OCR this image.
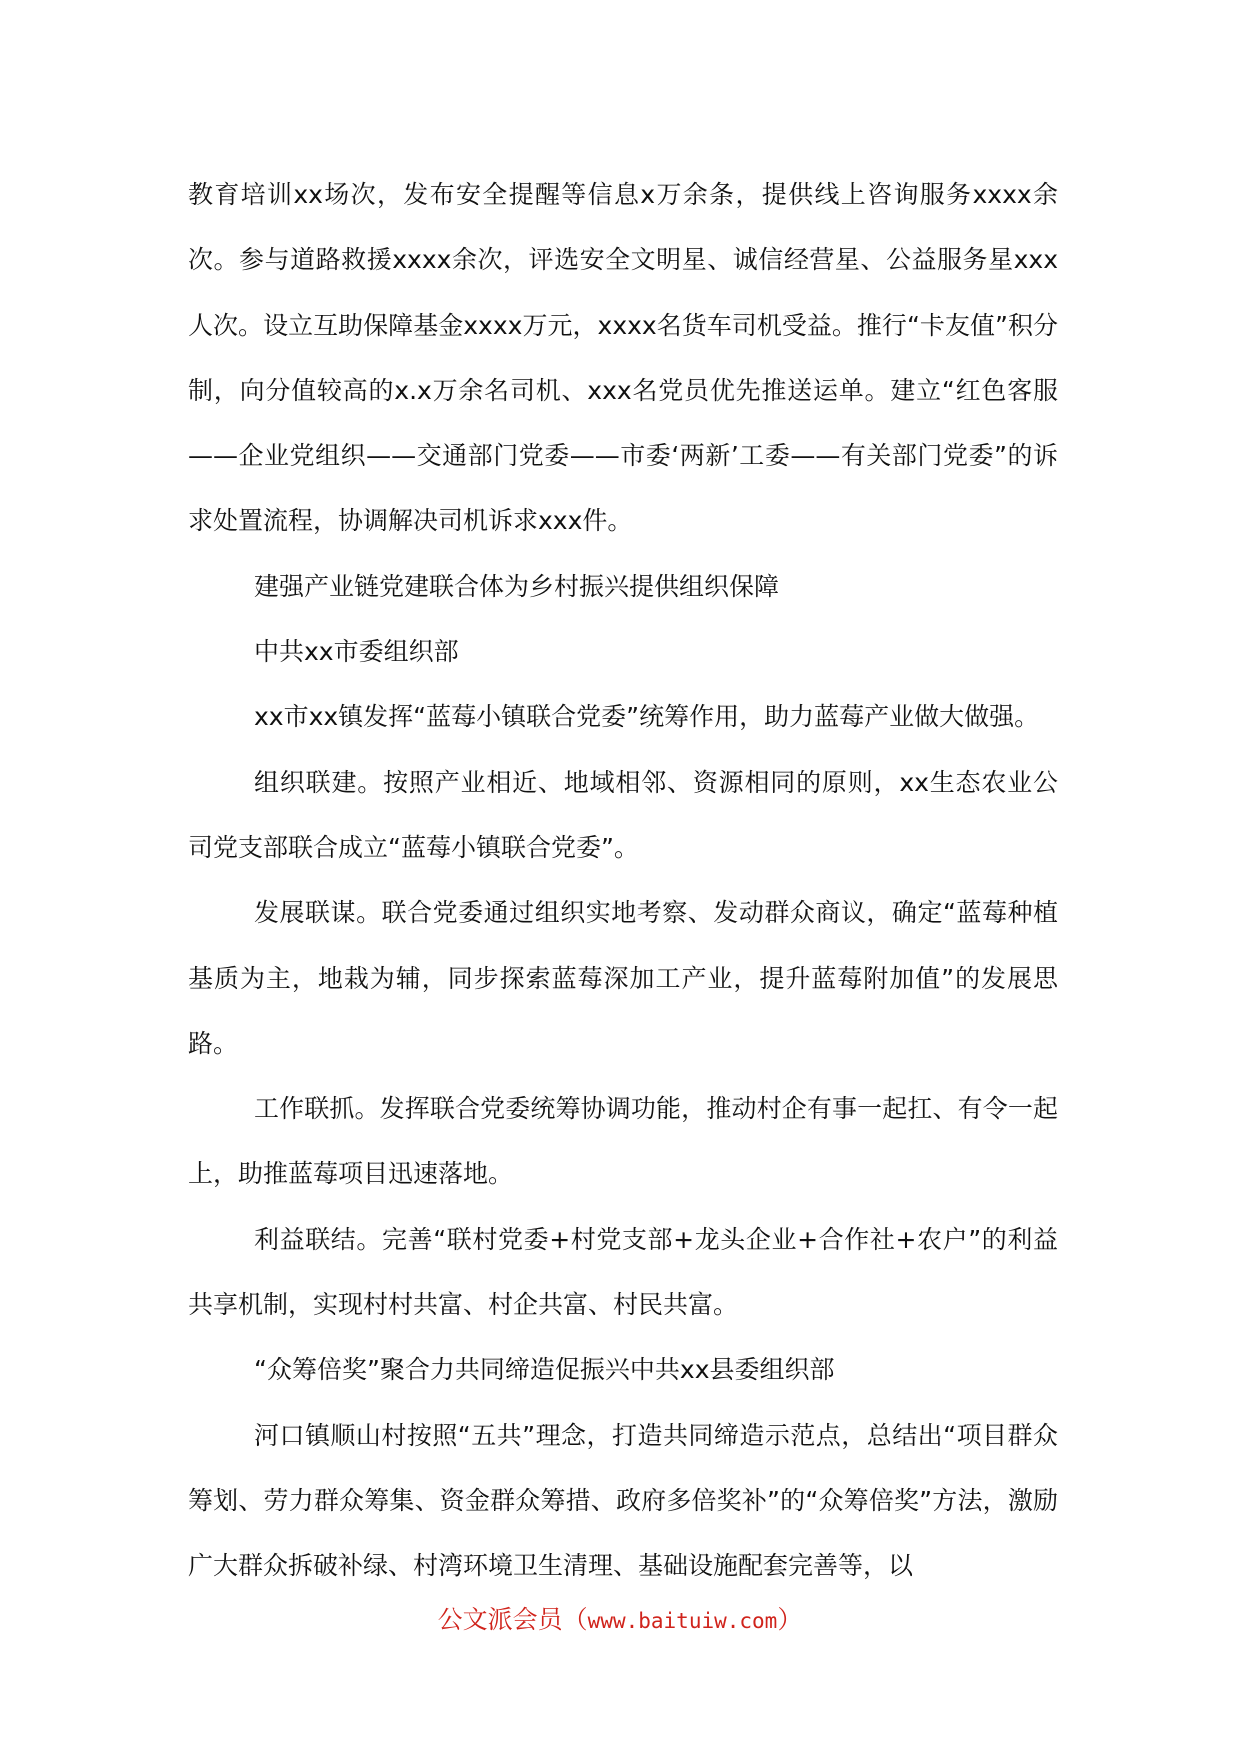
教育培训xx场次，发布安全提醒等信息x万余条，提供线上咨询服务xxxx余次。参与道路救援xxxx余次，评选安全文明星、诚信经营星、公益服务星xxx人次。设立互助保障基金xxxx万元，xxxx名货车司机受益。推行“卡友值”积分制，向分值较高的x.x万余名司机、xxx名党员优先推送运单。建立“红色客服——企业党组织——交通部门党委——市委‘两新’工委——有关部门党委”的诉求处置流程，协调解决司机诉求xxx件。

建强产业链党建联合体为乡村振兴提供组织保障

中共xx市委组织部

xx市xx镇发挥“蓝莓小镇联合党委”统筹作用，助力蓝莓产业做大做强。

组织联建。按照产业相近、地域相邻、资源相同的原则，xx生态农业公司党支部联合成立“蓝莓小镇联合党委”。

发展联谋。联合党委通过组织实地考察、发动群众商议，确定“蓝莓种植基质为主，地栽为辅，同步探索蓝莓深加工产业，提升蓝莓附加值”的发展思路。

工作联抓。发挥联合党委统筹协调功能，推动村企有事一起扛、有令一起上，助推蓝莓项目迅速落地。

利益联结。完善“联村党委+村党支部+龙头企业+合作社+农户”的利益共享机制，实现村村共富、村企共富、村民共富。

“众筹倍奖”聚合力共同缔造促振兴中共xx县委组织部

河口镇顺山村按照“五共”理念，打造共同缔造示范点，总结出“项目群众筹划、劳力群众筹集、资金群众筹措、政府多倍奖补”的“众筹倍奖”方法，激励广大群众拆破补绿、村湾环境卫生清理、基础设施配套完善等，以

公文派会员（www.baituiw.com）
